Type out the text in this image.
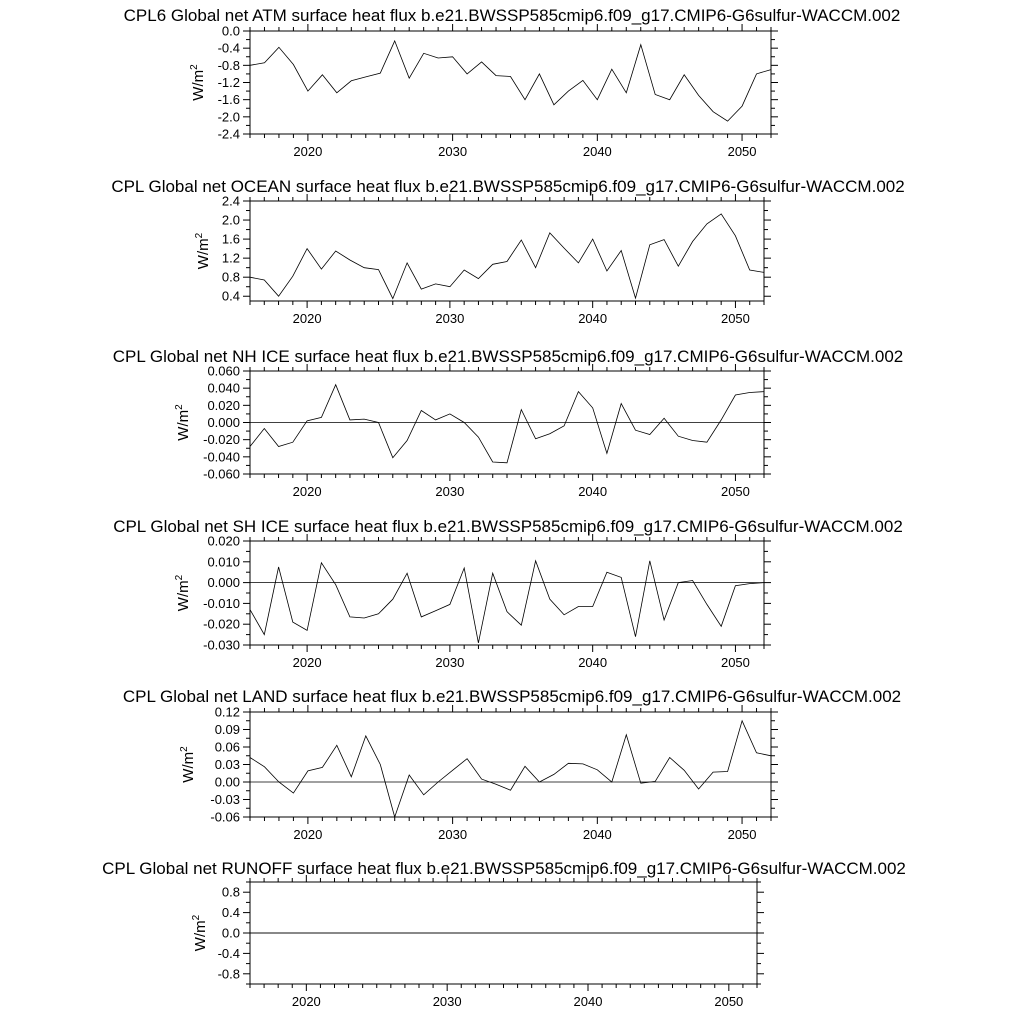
CPL6 Global net ATM surface heat flux b.e21.BWSSP585cmip6.f09_g17.CMIP6-G6sulfur-WACCM.002
2020	2030	2040	2050
0.0
-0.4
-0.8
-1.2
-1.6
-2.0
-2.4
$W/m^2$
CPL Global net OCEAN surface heat flux b.e21.BWSSP585cmip6.f09_g17.CMIP6-G6sulfur-WACCM.002
2020	2030	2040	2050
2.4
2.0
1.6
1.2
0.8
0.4
$W/m^2$
CPL Global net NH ICE surface heat flux b.e21.BWSSP585cmip6.f09_g17.CMIP6-G6sulfur-WACCM.002
2020	2030	2040	2050
0.060
0.040
0.020
0.000
-0.020
-0.040
-0.060
$W/m^2$
CPL Global net SH ICE surface heat flux b.e21.BWSSP585cmip6.f09_g17.CMIP6-G6sulfur-WACCM.002
2020	2030	2040	2050
0.020
0.010
0.000
-0.010
-0.020
-0.030
$W/m^2$
CPL Global net LAND surface heat flux b.e21.BWSSP585cmip6.f09_g17.CMIP6-G6sulfur-WACCM.002
2020	2030	2040	2050
0.12
0.09
0.06
0.03
0.00
-0.03
-0.06
$W/m^2$
CPL Global net RUNOFF surface heat flux b.e21.BWSSP585cmip6.f09_g17.CMIP6-G6sulfur-WACCM.002
2020	2030	2040	2050
0.8
0.4
0.0
-0.4
-0.8
$W/m^2$
